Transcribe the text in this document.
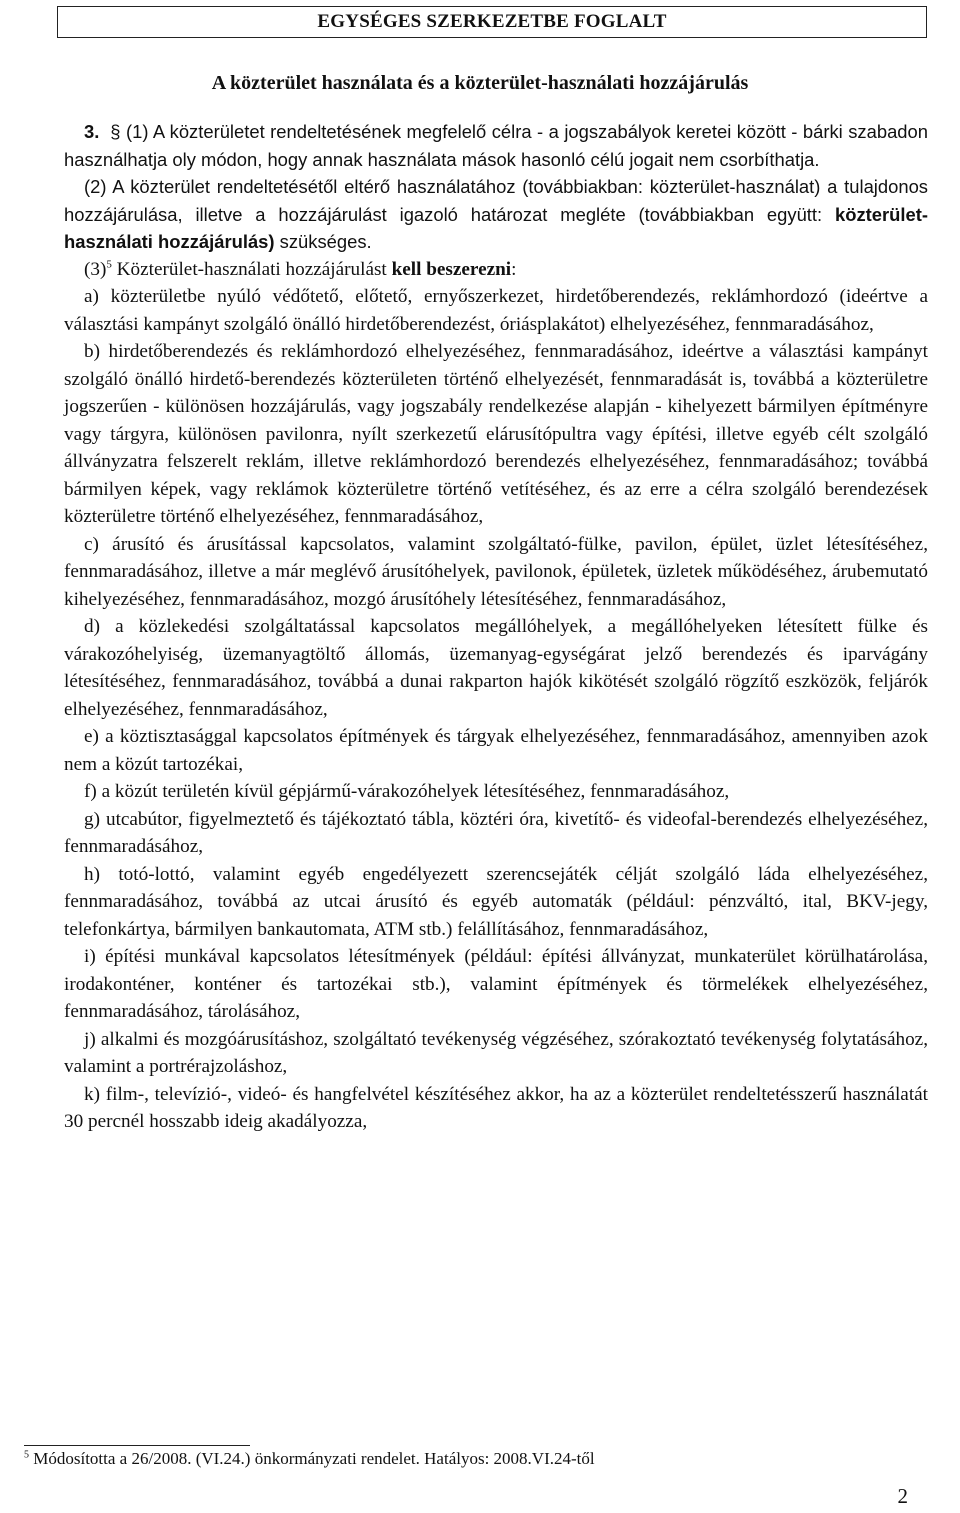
EGYSÉGES SZERKEZETBE FOGLALT
A közterület használata és a közterület-használati hozzájárulás

3. § (1) A közterületet rendeltetésének megfelelő célra - a jogszabályok keretei között - bárki szabadon használhatja oly módon, hogy annak használata mások hasonló célú jogait nem csorbíthatja.

(2) A közterület rendeltetésétől eltérő használatához (továbbiakban: közterület-használat) a tulajdonos hozzájárulása, illetve a hozzájárulást igazoló határozat megléte (továbbiakban együtt: közterület-használati hozzájárulás) szükséges.

$(3)^5$ Közterület-használati hozzájárulást kell beszerezni:

a) közterületbe nyúló védőtető, előtető, ernyőszerkezet, hirdetőberendezés, reklámhordozó (ideértve a választási kampányt szolgáló önálló hirdetőberendezést, óriásplakátot) elhelyezéséhez, fennmaradásához,

b) hirdetőberendezés és reklámhordozó elhelyezéséhez, fennmaradásához, ideértve a választási kampányt szolgáló önálló hirdető-berendezés közterületen történő elhelyezését, fennmaradását is, továbbá a közterületre jogszerűen - különösen hozzájárulás, vagy jogszabály rendelkezése alapján - kihelyezett bármilyen építményre vagy tárgyra, különösen pavilonra, nyílt szerkezetű elárusítópultra vagy építési, illetve egyéb célt szolgáló állványzatra felszerelt reklám, illetve reklámhordozó berendezés elhelyezéséhez, fennmaradásához; továbbá bármilyen képek, vagy reklámok közterületre történő vetítéséhez, és az erre a célra szolgáló berendezések közterületre történő elhelyezéséhez, fennmaradásához,

c) árusító és árusítással kapcsolatos, valamint szolgáltató-fülke, pavilon, épület, üzlet létesítéséhez, fennmaradásához, illetve a már meglévő árusítóhelyek, pavilonok, épületek, üzletek működéséhez, árubemutató kihelyezéséhez, fennmaradásához, mozgó árusítóhely létesítéséhez, fennmaradásához,

d) a közlekedési szolgáltatással kapcsolatos megállóhelyek, a megállóhelyeken létesített fülke és várakozóhelyiség, üzemanyagtöltő állomás, üzemanyag-egységárat jelző berendezés és iparvágány létesítéséhez, fennmaradásához, továbbá a dunai rakparton hajók kikötését szolgáló rögzítő eszközök, feljárók elhelyezéséhez, fennmaradásához,

e) a köztisztasággal kapcsolatos építmények és tárgyak elhelyezéséhez, fennmaradásához, amennyiben azok nem a közút tartozékai,

f) a közút területén kívül gépjármű-várakozóhelyek létesítéséhez, fennmaradásához,

g) utcabútor, figyelmeztető és tájékoztató tábla, köztéri óra, kivetítő- és videofal-berendezés elhelyezéséhez, fennmaradásához,

h) totó-lottó, valamint egyéb engedélyezett szerencsejáték célját szolgáló láda elhelyezéséhez, fennmaradásához, továbbá az utcai árusító és egyéb automaták (például: pénzváltó, ital, BKV-jegy, telefonkártya, bármilyen bankautomata, ATM stb.) felállításához, fennmaradásához,

i) építési munkával kapcsolatos létesítmények (például: építési állványzat, munkaterület körülhatárolása, irodakonténer, konténer és tartozékai stb.), valamint építmények és törmelékek elhelyezéséhez, fennmaradásához, tárolásához,

j) alkalmi és mozgóárusításhoz, szolgáltató tevékenység végzéséhez, szórakoztató tevékenység folytatásához, valamint a portrérajzoláshoz,

k) film-, televízió-, videó- és hangfelvétel készítéséhez akkor, ha az a közterület rendeltetésszerű használatát 30 percnél hosszabb ideig akadályozza,

$^5$ Módosította a 26/2008. (VI.24.) önkormányzati rendelet. Hatályos: 2008.VI.24-től
2
